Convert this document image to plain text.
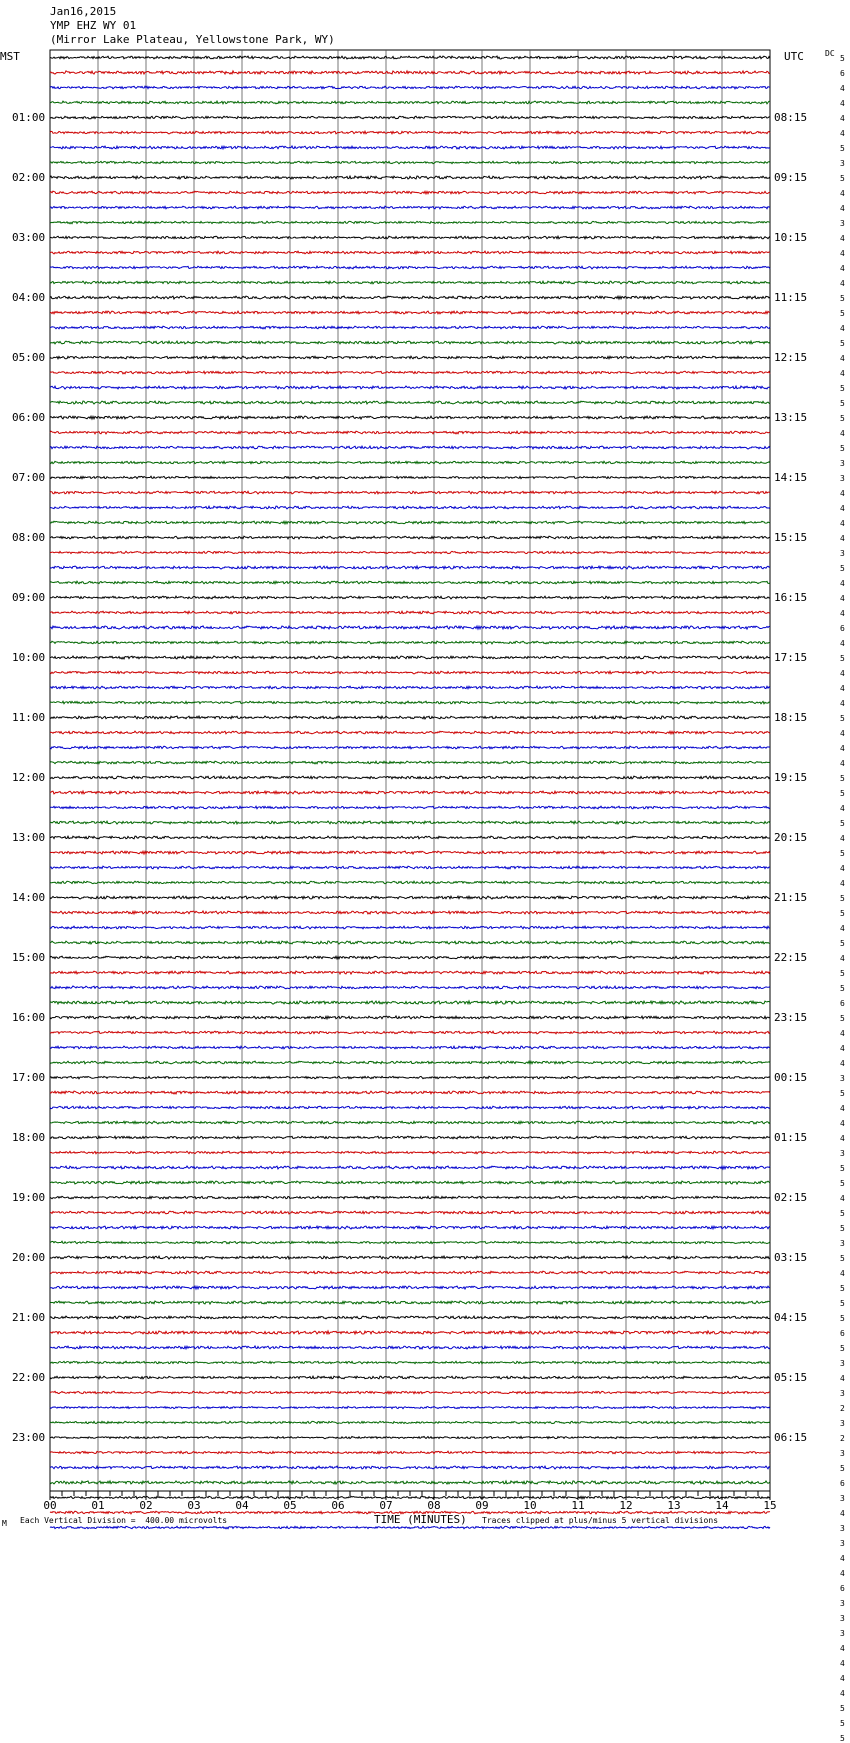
Jan16,2015
YMP EHZ WY 01
(Mirror Lake Plateau, Yellowstone Park, WY)
MST	UTC	DC
01:00
02:00
03:00
04:00
05:00
06:00
07:00
08:00
09:00
10:00
11:00
12:00
13:00
14:00
15:00
16:00
17:00
18:00
19:00
20:00
21:00
22:00
23:00
08:15
09:15
10:15
11:15
12:15
13:15
14:15
15:15
16:15
17:15
18:15
19:15
20:15
21:15
22:15
23:15
00:15
01:15
02:15
03:15
04:15
05:15
06:15
5
6
4
4
4
4
5
3
5
4
4
3
4
4
4
4
5
5
4
5
4
4
5
5
5
4
5
3
3
4
4
4
4
3
5
4
4
4
6
4
5
4
4
4
5
4
4
4
5
5
4
5
4
5
4
4
5
5
4
5
4
5
5
6
5
4
4
4
3
5
4
4
4
3
5
5
4
5
5
3
5
4
5
5
5
6
5
3
4
3
2
3
2
3
5
6
3
4
3
3
4
4
6
3
3
3
4
4
4
4
5
5
5
00	01	02	03	04	05	06	07	08	09	10	11	12	13	14	15
M Each Vertical Division =  400.00 microvolts	TIME (MINUTES) Traces clipped at plus/minus 5 vertical divisions
